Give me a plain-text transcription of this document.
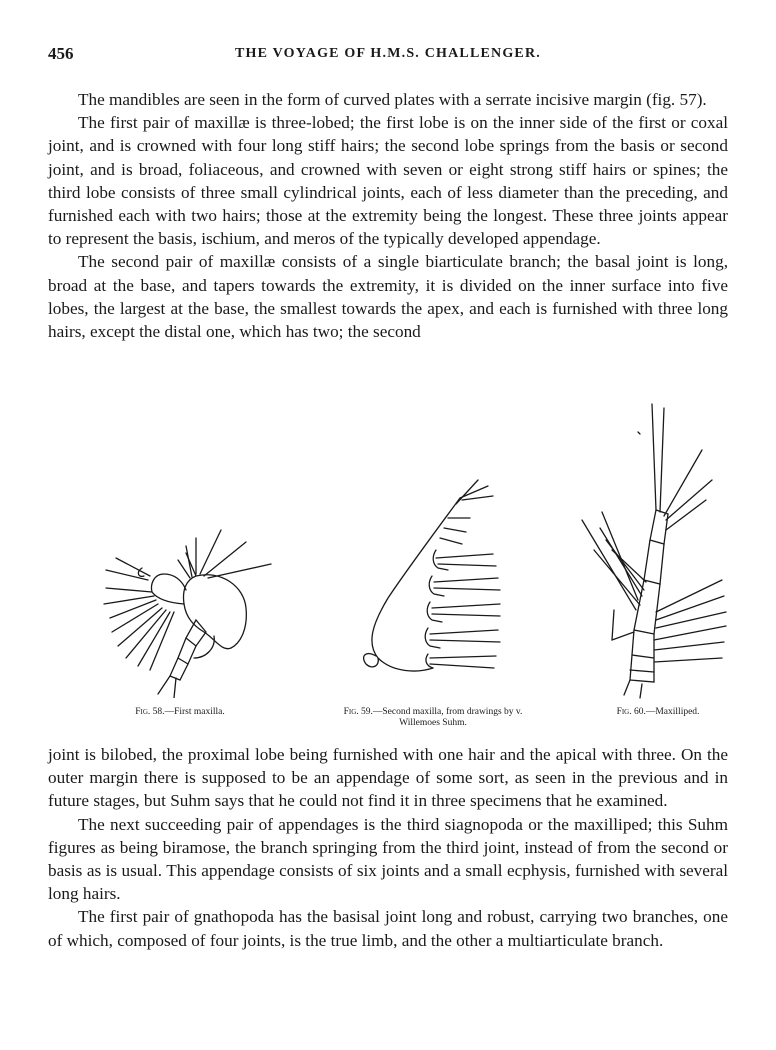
456	THE VOYAGE OF H.M.S. CHALLENGER.

The mandibles are seen in the form of curved plates with a serrate incisive margin (fig. 57).

The first pair of maxillæ is three-lobed; the first lobe is on the inner side of the first or coxal joint, and is crowned with four long stiff hairs; the second lobe springs from the basis or second joint, and is broad, foliaceous, and crowned with seven or eight strong stiff hairs or spines; the third lobe consists of three small cylindrical joints, each of less diameter than the preceding, and furnished each with two hairs; those at the extremity being the longest. These three joints appear to represent the basis, ischium, and meros of the typically developed appendage.

The second pair of maxillæ consists of a single biarticulate branch; the basal joint is long, broad at the base, and tapers towards the extremity, it is divided on the inner surface into five lobes, the largest at the base, the smallest towards the apex, and each is furnished with three long hairs, except the distal one, which has two; the second

Fig. 58.—First maxilla.	Fig. 59.—Second maxilla, from drawings by v. Willemoes Suhm.
Fig. 60.—Maxilliped.

joint is bilobed, the proximal lobe being furnished with one hair and the apical with three. On the outer margin there is supposed to be an appendage of some sort, as seen in the previous and in future stages, but Suhm says that he could not find it in three specimens that he examined.

The next succeeding pair of appendages is the third siagnopoda or the maxilliped; this Suhm figures as being biramose, the branch springing from the third joint, instead of from the second or basis as is usual. This appendage consists of six joints and a small ecphysis, furnished with several long hairs.

The first pair of gnathopoda has the basisal joint long and robust, carrying two branches, one of which, composed of four joints, is the true limb, and the other a multiarticulate branch.
